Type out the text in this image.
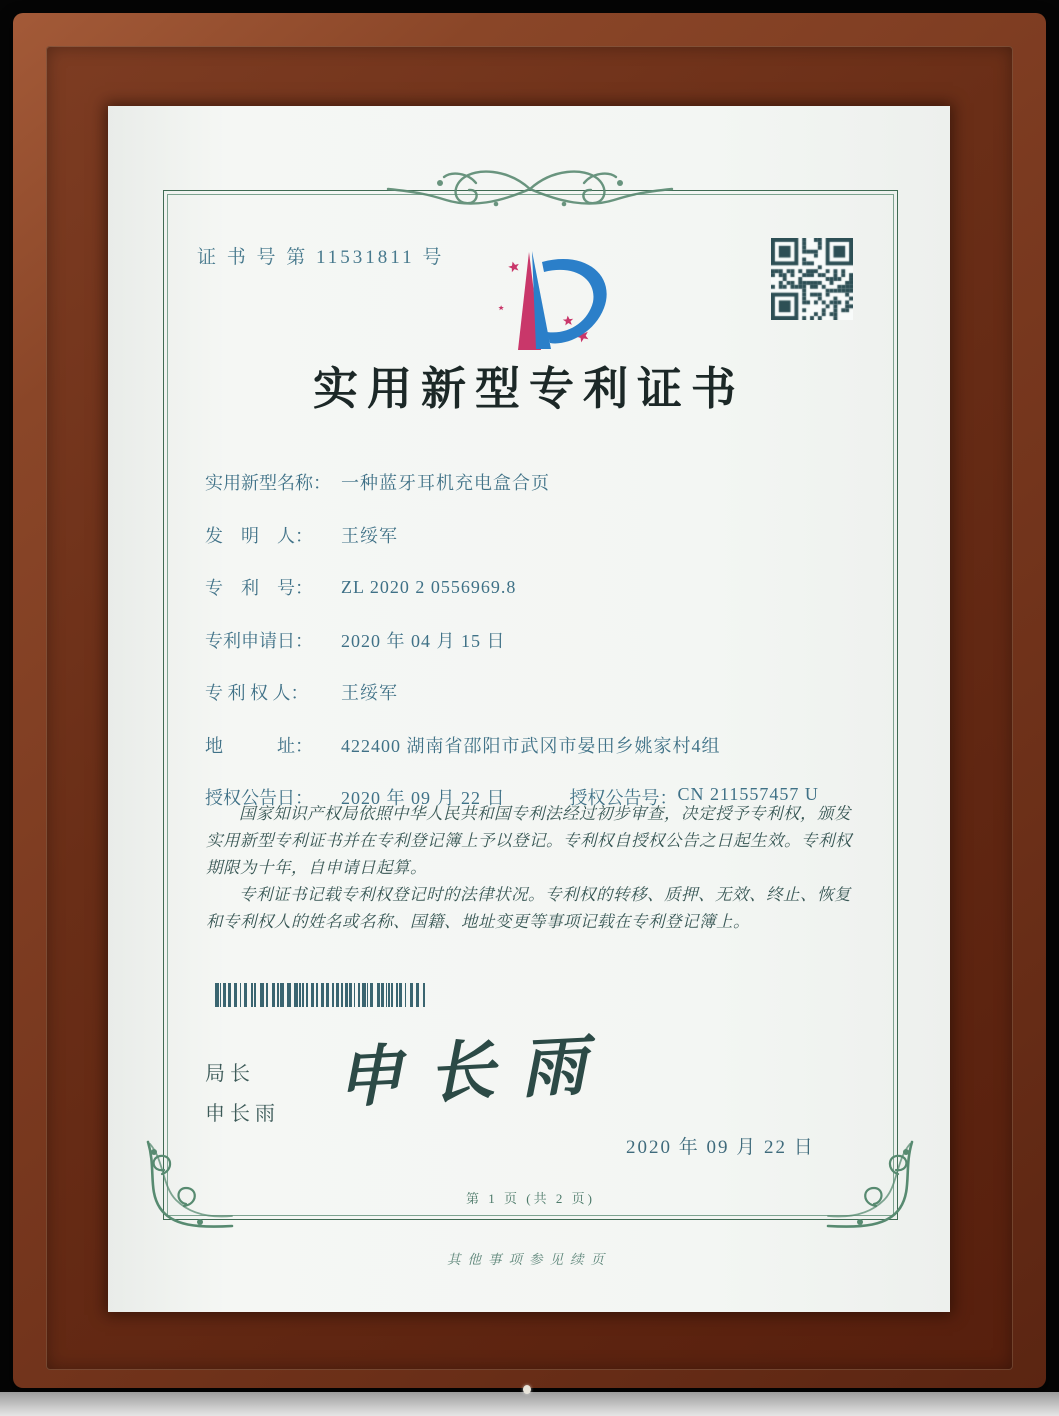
证 书 号 第 11531811 号
实用新型专利证书
实用新型名称： 一种蓝牙耳机充电盒合页
发　明　人：	王绥军
专　利　号：	ZL 2020 2 0556969.8
专利申请日：	2020 年 04 月 15 日
专 利 权 人：	王绥军
地　　　址：	422400 湖南省邵阳市武冈市晏田乡姚家村4组
授权公告日：	2020 年 09 月 22 日	授权公告号： CN 211557457 U

国家知识产权局依照中华人民共和国专利法经过初步审查，决定授予专利权，颁发实用新型专利证书并在专利登记簿上予以登记。专利权自授权公告之日起生效。专利权期限为十年，自申请日起算。

专利证书记载专利权登记时的法律状况。专利权的转移、质押、无效、终止、恢复和专利权人的姓名或名称、国籍、地址变更等事项记载在专利登记簿上。

局长
申长雨 申长雨
2020 年 09 月 22 日
第 1 页 (共 2 页)
其他事项参见续页
